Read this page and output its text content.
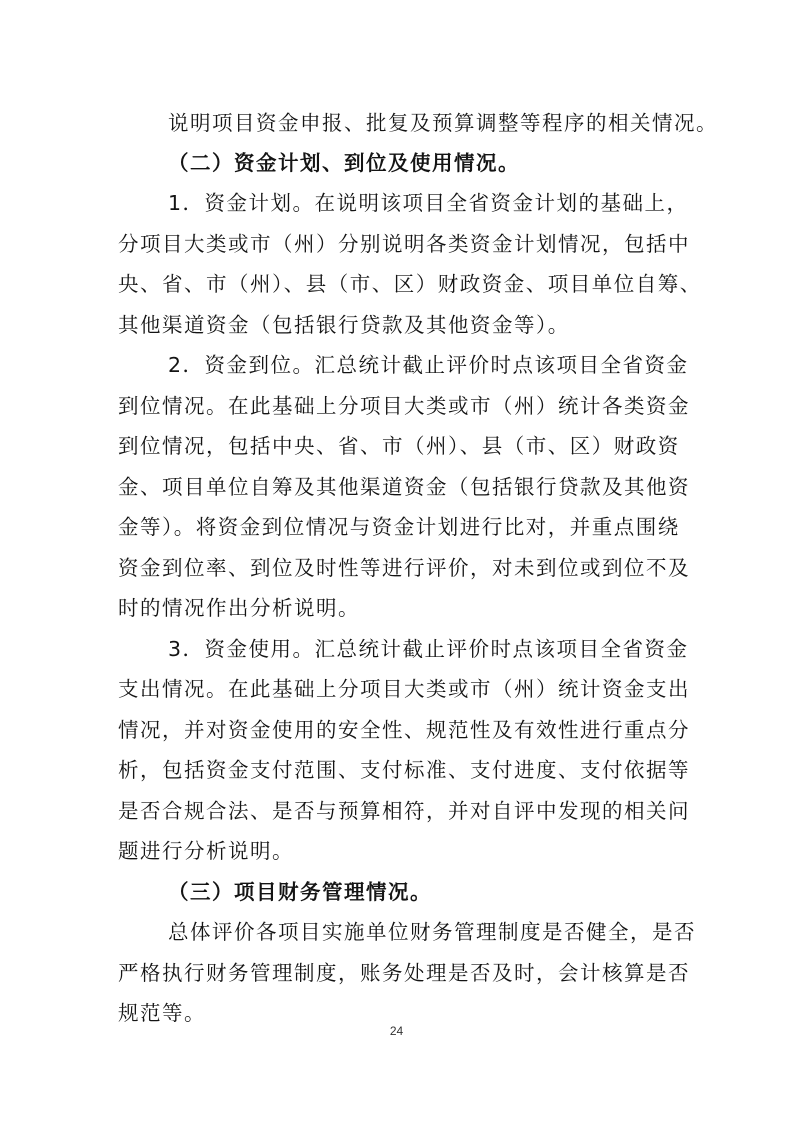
说明项目资金申报、批复及预算调整等程序的相关情况。
（二）资金计划、到位及使用情况。
1．资金计划。在说明该项目全省资金计划的基础上，
分项目大类或市（州）分别说明各类资金计划情况，包括中
央、省、市（州）、县（市、区）财政资金、项目单位自筹、
其他渠道资金（包括银行贷款及其他资金等）。
2．资金到位。汇总统计截止评价时点该项目全省资金
到位情况。在此基础上分项目大类或市（州）统计各类资金
到位情况，包括中央、省、市（州）、县（市、区）财政资
金、项目单位自筹及其他渠道资金（包括银行贷款及其他资
金等）。将资金到位情况与资金计划进行比对，并重点围绕
资金到位率、到位及时性等进行评价，对未到位或到位不及
时的情况作出分析说明。
3．资金使用。汇总统计截止评价时点该项目全省资金
支出情况。在此基础上分项目大类或市（州）统计资金支出
情况，并对资金使用的安全性、规范性及有效性进行重点分
析，包括资金支付范围、支付标准、支付进度、支付依据等
是否合规合法、是否与预算相符，并对自评中发现的相关问
题进行分析说明。
（三）项目财务管理情况。
总体评价各项目实施单位财务管理制度是否健全，是否
严格执行财务管理制度，账务处理是否及时，会计核算是否
规范等。
24
